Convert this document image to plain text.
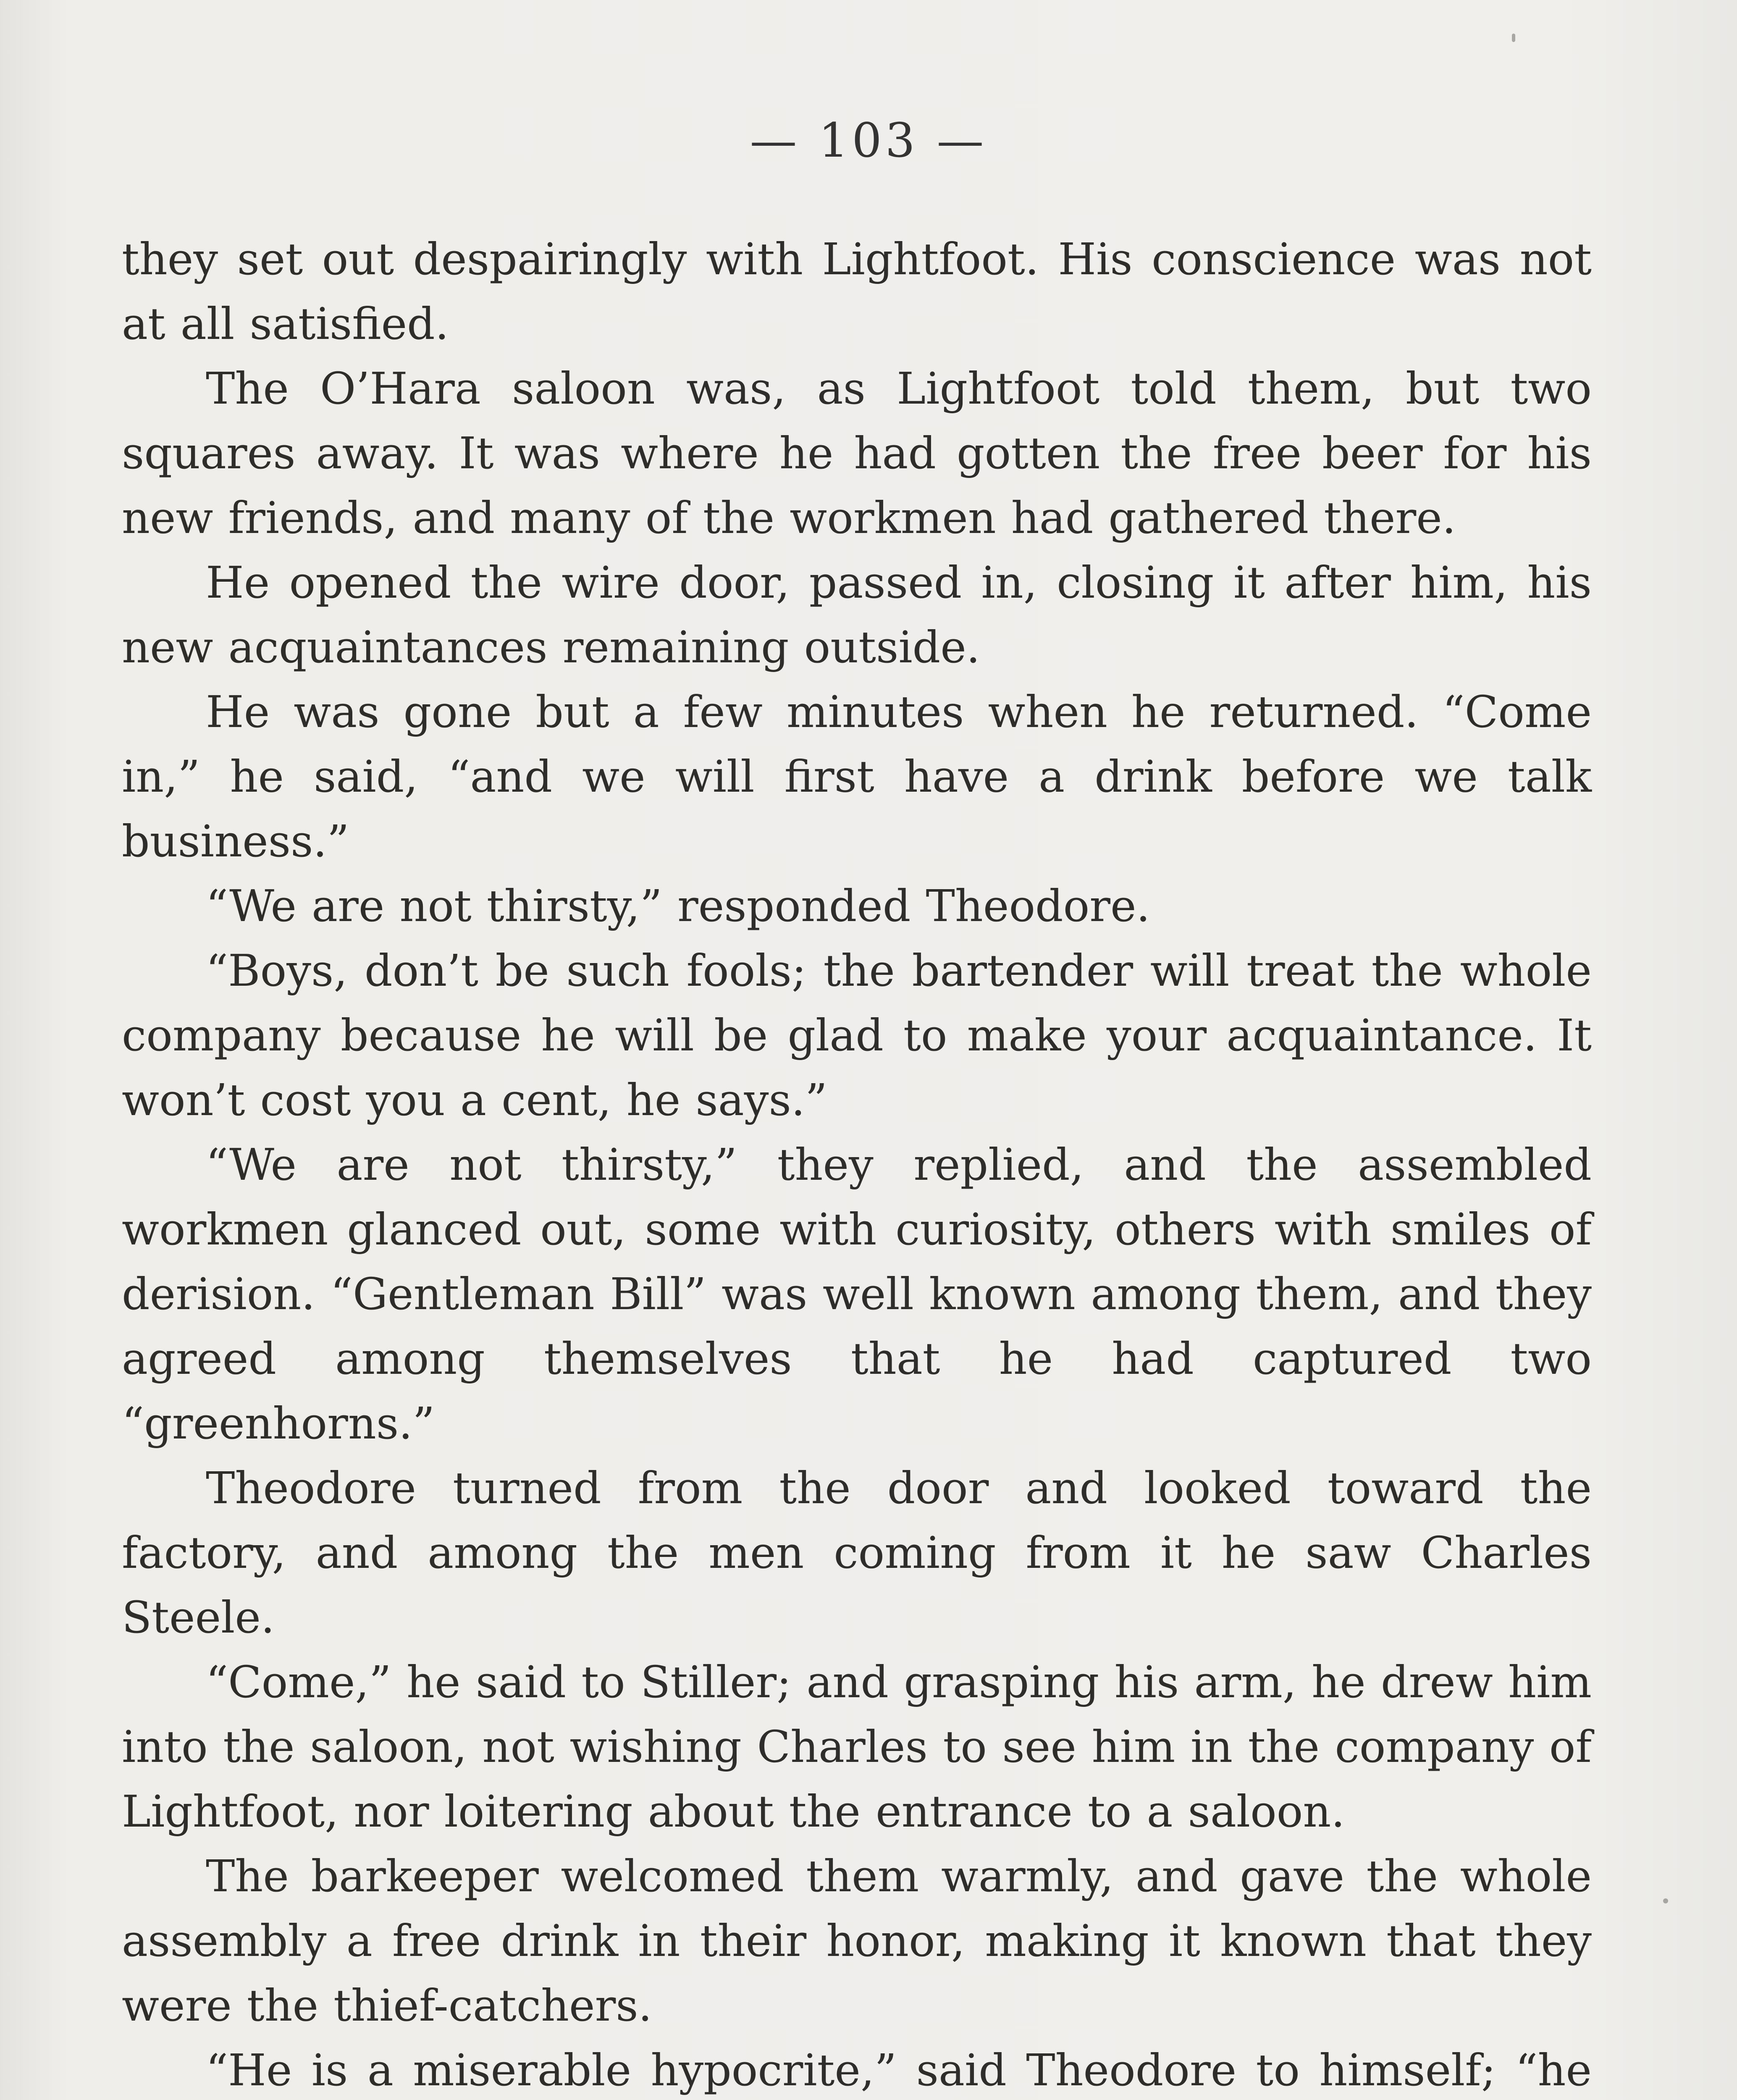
— 103 —

they set out despairingly with Lightfoot. His conscience was not at all satisfied.

The O’Hara saloon was, as Lightfoot told them, but two squares away. It was where he had gotten the free beer for his new friends, and many of the workmen had gathered there.

He opened the wire door, passed in, closing it after him, his new acquaintances remaining outside.

He was gone but a few minutes when he returned. “Come in,” he said, “and we will first have a drink before we talk business.”

“We are not thirsty,” responded Theodore.

“Boys, don’t be such fools; the bartender will treat the whole company because he will be glad to make your acquaintance. It won’t cost you a cent, he says.”

“We are not thirsty,” they replied, and the assembled workmen glanced out, some with curiosity, others with smiles of derision. “Gentleman Bill” was well known among them, and they agreed among themselves that he had captured two “greenhorns.”

Theodore turned from the door and looked toward the factory, and among the men coming from it he saw Charles Steele.

“Come,” he said to Stiller; and grasping his arm, he drew him into the saloon, not wishing Charles to see him in the company of Lightfoot, nor loitering about the entrance to a saloon.

The barkeeper welcomed them warmly, and gave the whole assembly a free drink in their honor, making it known that they were the thief-catchers.

“He is a miserable hypocrite,” said Theodore to himself; “he
